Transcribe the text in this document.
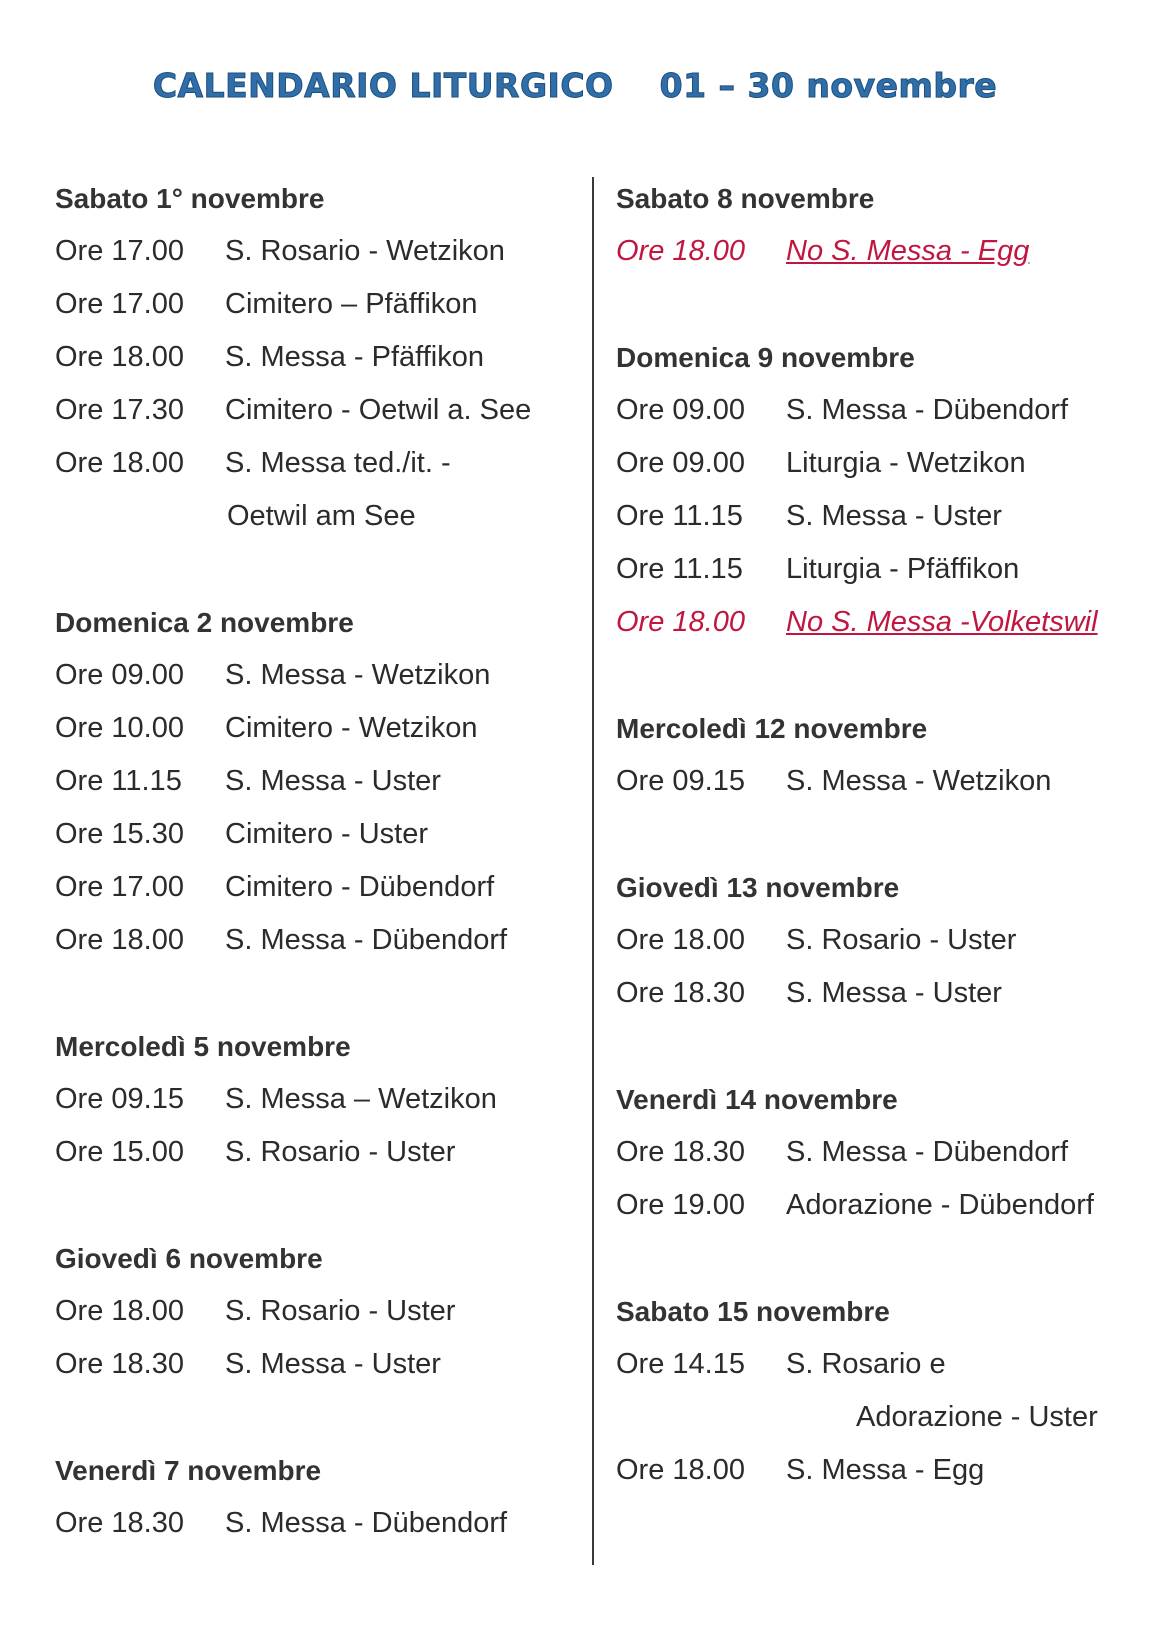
CALENDARIO LITURGICO 01 – 30 novembre
Sabato 1° novembre
Ore 17.00	S. Rosario - Wetzikon
Ore 17.00	Cimitero – Pfäffikon
Ore 18.00	S. Messa - Pfäffikon
Ore 17.30	Cimitero - Oetwil a. See
Ore 18.00	S. Messa ted./it. -
Oetwil am See
Domenica 2 novembre
Ore 09.00	S. Messa - Wetzikon
Ore 10.00	Cimitero - Wetzikon
Ore 11.15	S. Messa - Uster
Ore 15.30	Cimitero - Uster
Ore 17.00	Cimitero - Dübendorf
Ore 18.00	S. Messa - Dübendorf
Mercoledì 5 novembre
Ore 09.15	S. Messa – Wetzikon
Ore 15.00	S. Rosario - Uster
Giovedì 6 novembre
Ore 18.00	S. Rosario - Uster
Ore 18.30	S. Messa - Uster
Venerdì 7 novembre
Ore 18.30	S. Messa - Dübendorf
Sabato 8 novembre
Ore 18.00	No S. Messa - Egg
Domenica 9 novembre
Ore 09.00	S. Messa - Dübendorf
Ore 09.00	Liturgia - Wetzikon
Ore 11.15	S. Messa - Uster
Ore 11.15	Liturgia - Pfäffikon
Ore 18.00	No S. Messa -Volketswil
Mercoledì 12 novembre
Ore 09.15	S. Messa - Wetzikon
Giovedì 13 novembre
Ore 18.00	S. Rosario - Uster
Ore 18.30	S. Messa - Uster
Venerdì 14 novembre
Ore 18.30	S. Messa - Dübendorf
Ore 19.00	Adorazione - Dübendorf
Sabato 15 novembre
Ore 14.15	S. Rosario e
Adorazione - Uster
Ore 18.00	S. Messa - Egg
